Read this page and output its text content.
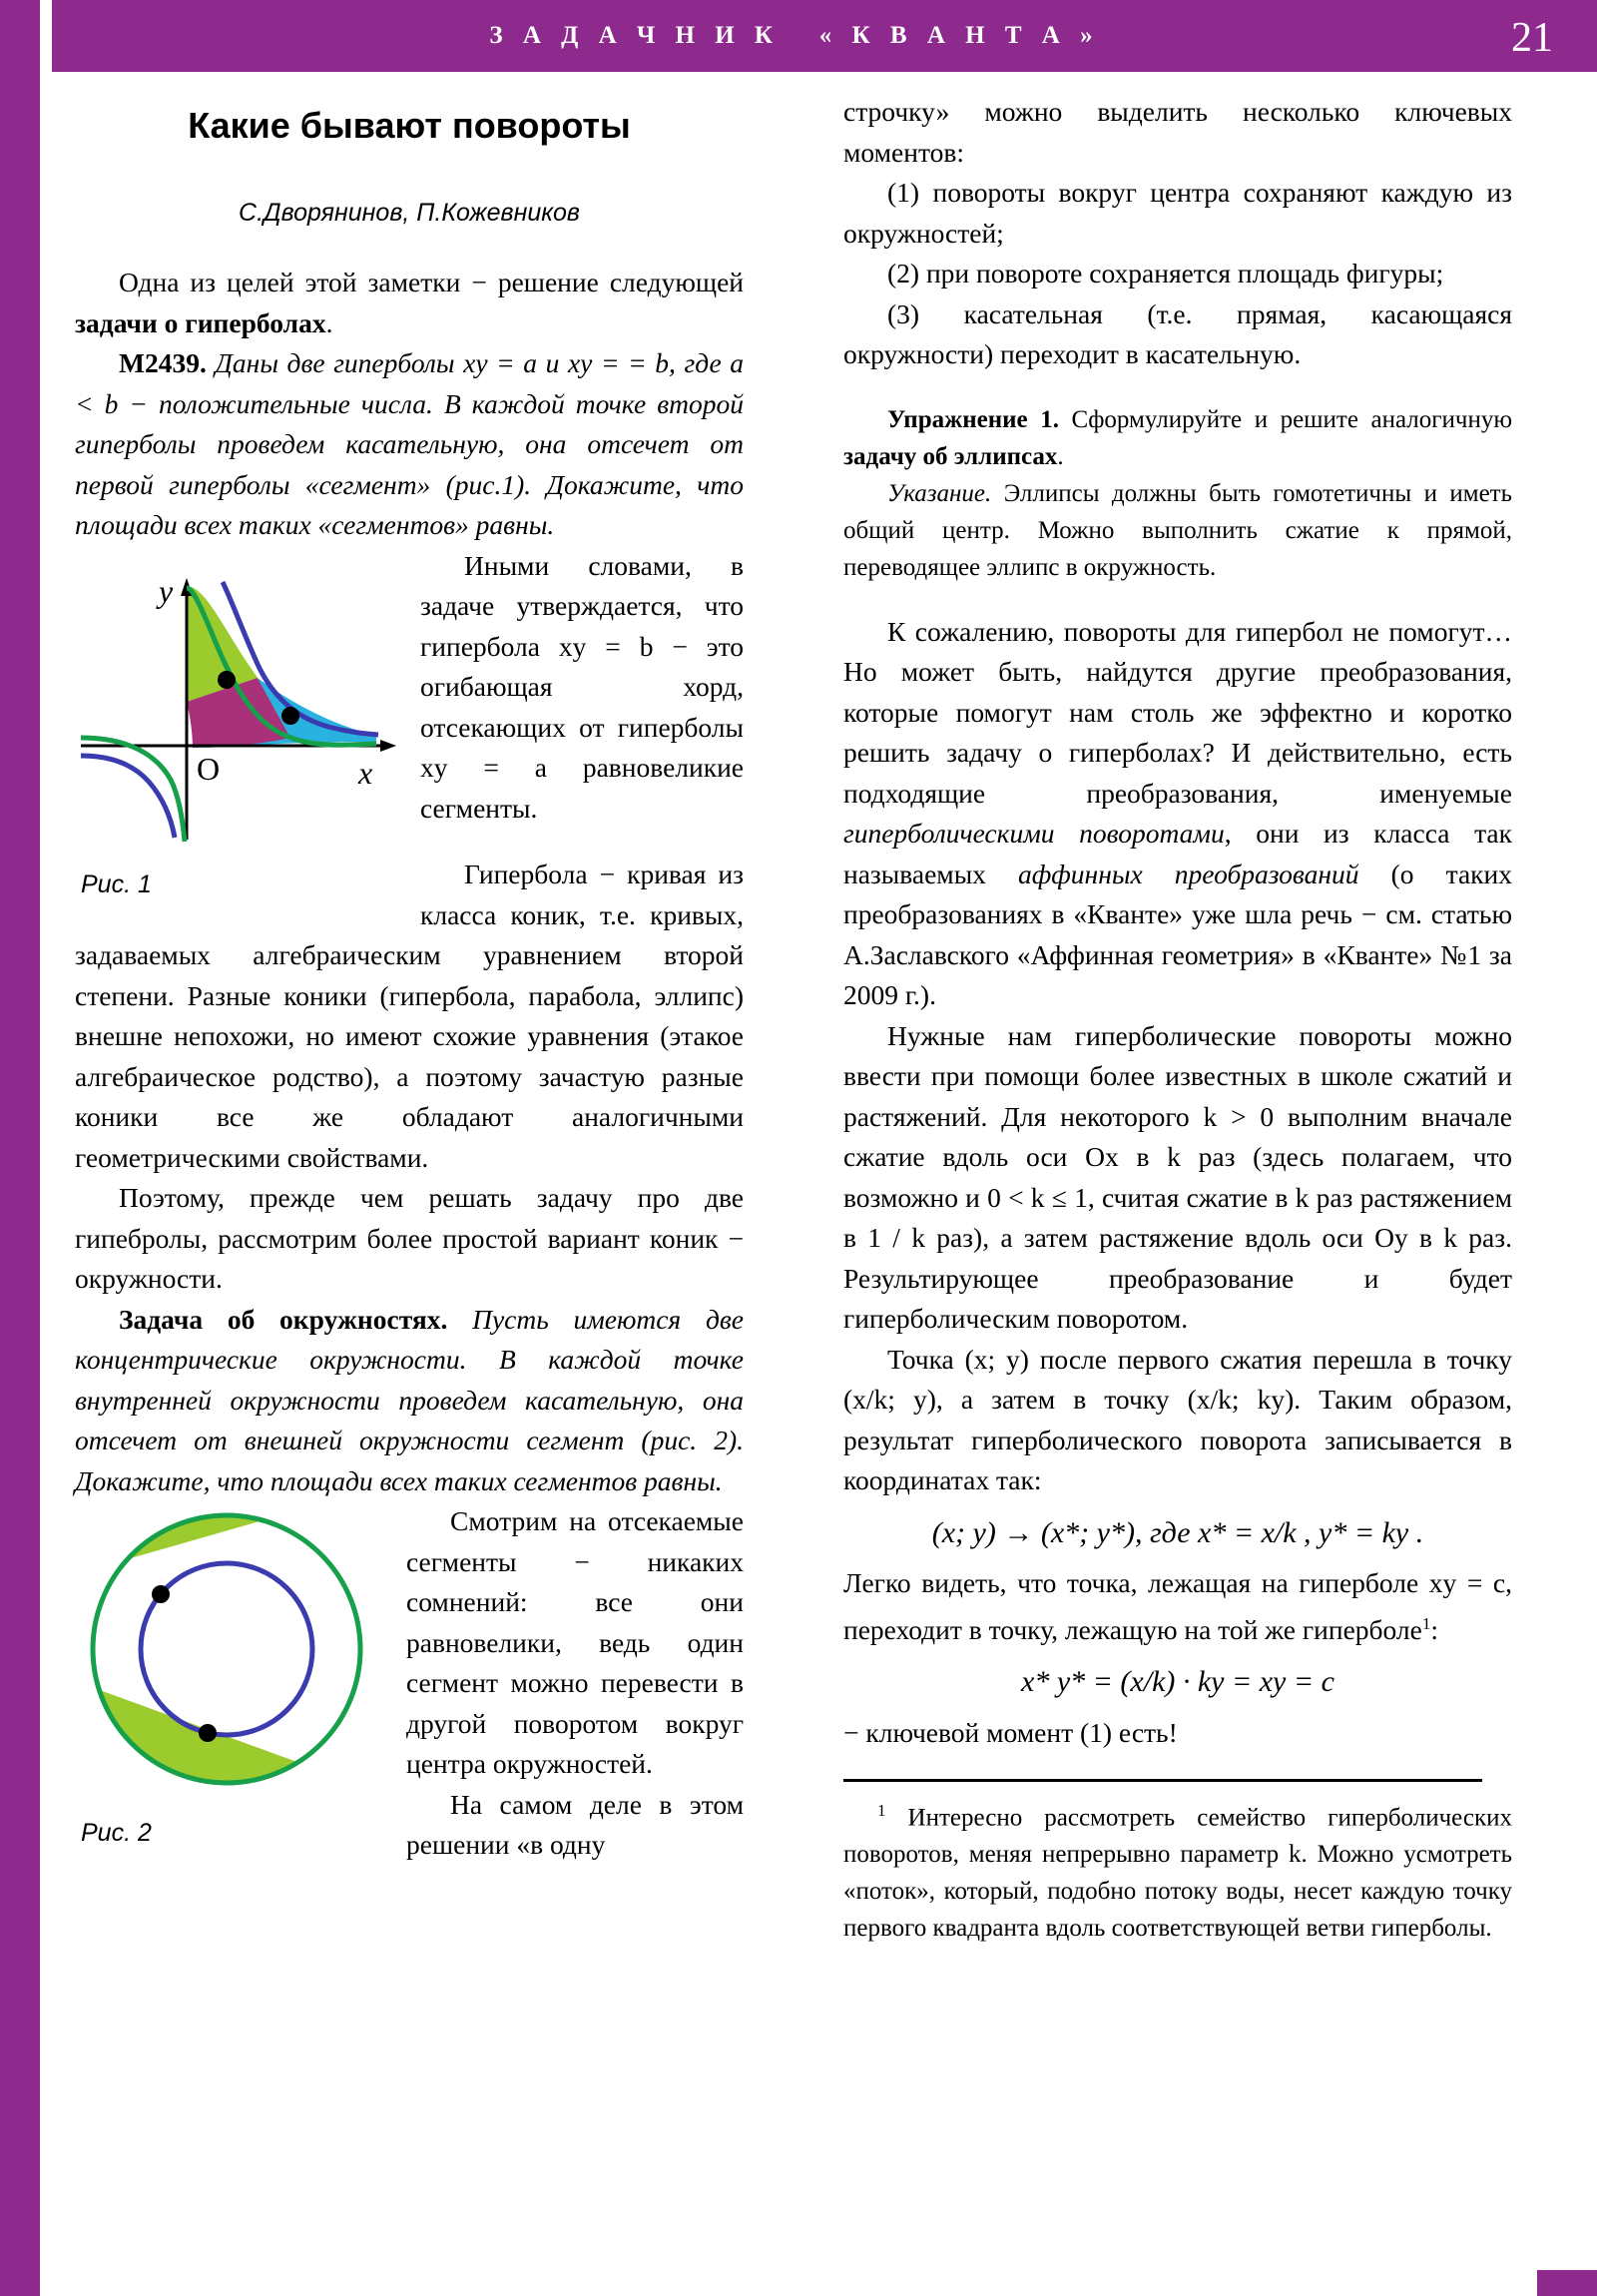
З А Д А Ч Н И К   « К В А Н Т А »	21
Какие бывают повороты
С.Дворянинов, П.Кожевников

Одна из целей этой заметки − решение следующей задачи о гиперболах.

M2439. Даны две гиперболы xy = a и xy = = b, где a < b − положительные числа. В каждой точке второй гиперболы проведем касательную, она отсечет от первой гиперболы «сегмент» (рис.1). Докажите, что площади всех таких «сегментов» равны.

y
x
O
Рис. 1

Иными словами, в задаче утверждается, что гипербола xy = b − это огибающая хорд, отсекающих от гиперболы xy = a равновеликие сегменты.

Гипербола − кривая из класса коник, т.е. кривых, задаваемых алгебраическим уравнением второй степени. Разные коники (гипербола, парабола, эллипс) внешне непохожи, но имеют схожие уравнения (этакое алгебраическое родство), а поэтому зачастую разные коники все же обладают аналогичными геометрическими свойствами.

Поэтому, прежде чем решать задачу про две гипебролы, рассмотрим более простой вариант коник − окружности.

Задача об окружностях. Пусть имеются две концентрические окружности. В каждой точке внутренней окружности проведем касательную, она отсечет от внешней окружности сегмент (рис. 2). Докажите, что площади всех таких сегментов равны.

Рис. 2

Смотрим на отсекаемые сегменты − никаких сомнений: все они равновелики, ведь один сегмент можно перевести в другой поворотом вокруг центра окружностей.

На самом деле в этом решении «в одну

строчку» можно выделить несколько ключевых моментов:

(1) повороты вокруг центра сохраняют каждую из окружностей;

(2) при повороте сохраняется площадь фигуры;

(3) касательная (т.е. прямая, касающаяся окружности) переходит в касательную.

Упражнение 1. Сформулируйте и решите аналогичную задачу об эллипсах.

Указание. Эллипсы должны быть гомотетичны и иметь общий центр. Можно выполнить сжатие к прямой, переводящее эллипс в окружность.

К сожалению, повороты для гипербол не помогут… Но может быть, найдутся другие преобразования, которые помогут нам столь же эффектно и коротко решить задачу о гиперболах? И действительно, есть подходящие преобразования, именуемые гиперболическими поворотами, они из класса так называемых аффинных преобразований (о таких преобразованиях в «Кванте» уже шла речь − см. статью А.Заславского «Аффинная геометрия» в «Кванте» №1 за 2009 г.).

Нужные нам гиперболические повороты можно ввести при помощи более известных в школе сжатий и растяжений. Для некоторого k > 0 выполним вначале сжатие вдоль оси Ox в k раз (здесь полагаем, что возможно и 0 < k ≤ 1, считая сжатие в k раз растяжением в 1 / k раз), а затем растяжение вдоль оси Oy в k раз. Результирующее преобразование и будет гиперболическим поворотом.

Точка (x; y) после первого сжатия перешла в точку (x/k; y), а затем в точку (x/k; ky). Таким образом, результат гиперболического поворота записывается в координатах так:

(x; y) → (x*; y*), где x* = x/k , y* = ky .

Легко видеть, что точка, лежащая на гиперболе xy = c, переходит в точку, лежащую на той же гиперболе$^1$:

x* y* = (x/k) · ky = xy = c

− ключевой момент (1) есть!

$^1$ Интересно рассмотреть семейство гиперболических поворотов, меняя непрерывно параметр k. Можно усмотреть «поток», который, подобно потоку воды, несет каждую точку первого квадранта вдоль соответствующей ветви гиперболы.
